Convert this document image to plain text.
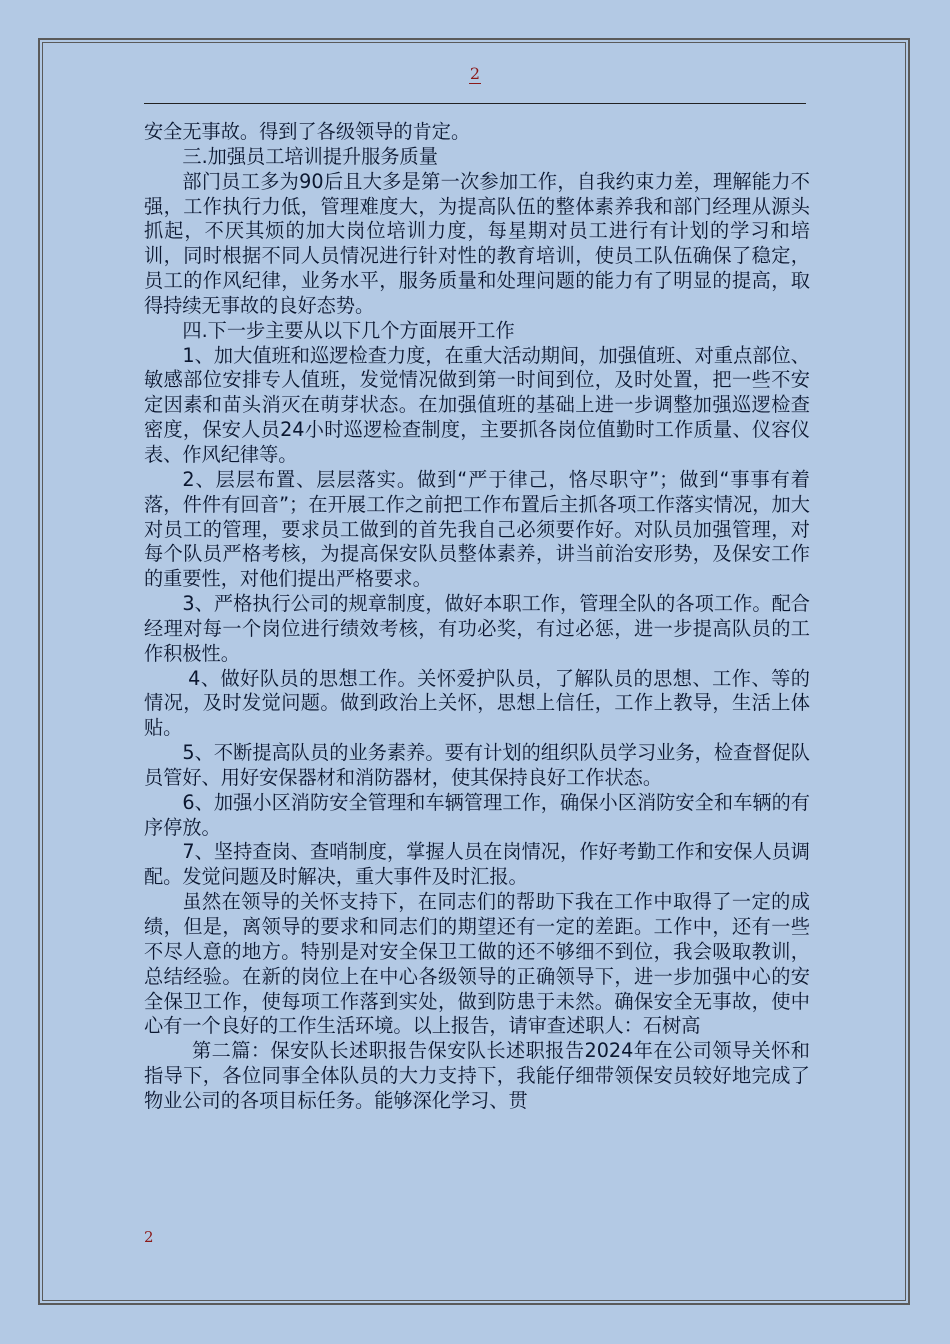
2

安全无事故。得到了各级领导的肯定。

三.加强员工培训提升服务质量

部门员工多为90后且大多是第一次参加工作，自我约束力差，理解能力不强，工作执行力低，管理难度大，为提高队伍的整体素养我和部门经理从源头抓起，不厌其烦的加大岗位培训力度，每星期对员工进行有计划的学习和培训，同时根据不同人员情况进行针对性的教育培训，使员工队伍确保了稳定，员工的作风纪律，业务水平，服务质量和处理问题的能力有了明显的提高，取得持续无事故的良好态势。

四.下一步主要从以下几个方面展开工作

1、加大值班和巡逻检查力度，在重大活动期间，加强值班、对重点部位、敏感部位安排专人值班，发觉情况做到第一时间到位，及时处置，把一些不安定因素和苗头消灭在萌芽状态。在加强值班的基础上进一步调整加强巡逻检查密度，保安人员24小时巡逻检查制度，主要抓各岗位值勤时工作质量、仪容仪表、作风纪律等。

2、层层布置、层层落实。做到“严于律己，恪尽职守”；做到“事事有着落，件件有回音”；在开展工作之前把工作布置后主抓各项工作落实情况，加大对员工的管理，要求员工做到的首先我自己必须要作好。对队员加强管理，对每个队员严格考核，为提高保安队员整体素养，讲当前治安形势，及保安工作的重要性，对他们提出严格要求。

3、严格执行公司的规章制度，做好本职工作，管理全队的各项工作。配合经理对每一个岗位进行绩效考核，有功必奖，有过必惩，进一步提高队员的工作积极性。

4、做好队员的思想工作。关怀爱护队员，了解队员的思想、工作、等的情况，及时发觉问题。做到政治上关怀，思想上信任，工作上教导，生活上体贴。

5、不断提高队员的业务素养。要有计划的组织队员学习业务，检查督促队员管好、用好安保器材和消防器材，使其保持良好工作状态。

6、加强小区消防安全管理和车辆管理工作，确保小区消防安全和车辆的有序停放。

7、坚持查岗、查哨制度，掌握人员在岗情况，作好考勤工作和安保人员调配。发觉问题及时解决，重大事件及时汇报。

虽然在领导的关怀支持下，在同志们的帮助下我在工作中取得了一定的成绩，但是，离领导的要求和同志们的期望还有一定的差距。工作中，还有一些不尽人意的地方。特别是对安全保卫工做的还不够细不到位，我会吸取教训，总结经验。在新的岗位上在中心各级领导的正确领导下，进一步加强中心的安全保卫工作，使每项工作落到实处，做到防患于未然。确保安全无事故，使中心有一个良好的工作生活环境。以上报告，请审查述职人：石树高

第二篇：保安队长述职报告保安队长述职报告2024年在公司领导关怀和指导下，各位同事全体队员的大力支持下，我能仔细带领保安员较好地完成了物业公司的各项目标任务。能够深化学习、贯

2
